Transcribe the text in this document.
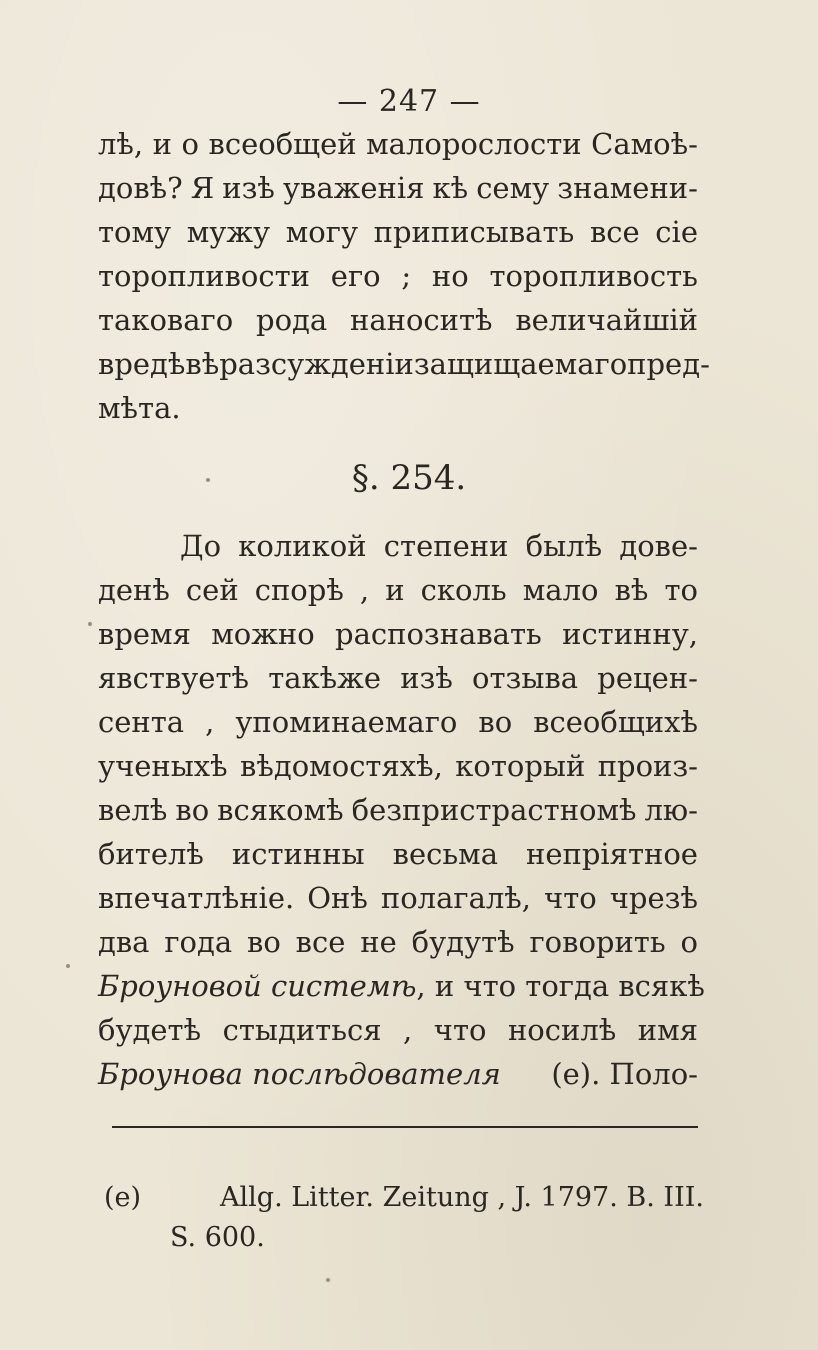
— 247 —
лѣ, и о всеобщей малорослости Самоѣ-
довѣ? Я изѣ уваженія кѣ сему знамени-
тому мужу могу приписывать все сіе
торопливости его ; но торопливость
таковаго рода наноситѣ величайшій
вредѣ вѣ разсужденіи защищаемаго пред-
мѣта.
§. 254.
До коликой степени былѣ дове-
денѣ сей спорѣ , и сколь мало вѣ то
время можно распознавать истинну,
явствуетѣ такѣже изѣ отзыва рецен-
сента , упоминаемаго во всеобщихѣ
ученыхѣ вѣдомостяхѣ, который произ-
велѣ во всякомѣ безпристрастномѣ лю-
бителѣ истинны весьма непріятное
впечатлѣніе. Онѣ полагалѣ, что чрезѣ
два года во все не будутѣ говорить о
Броуновой системѣ , и что тогда всякѣ
будетѣ стыдиться , что носилѣ имя
Броунова послѣдователя (е). Поло-
(е)	Allg. Litter. Zeitung , J. 1797. B. III.
S. 600.
